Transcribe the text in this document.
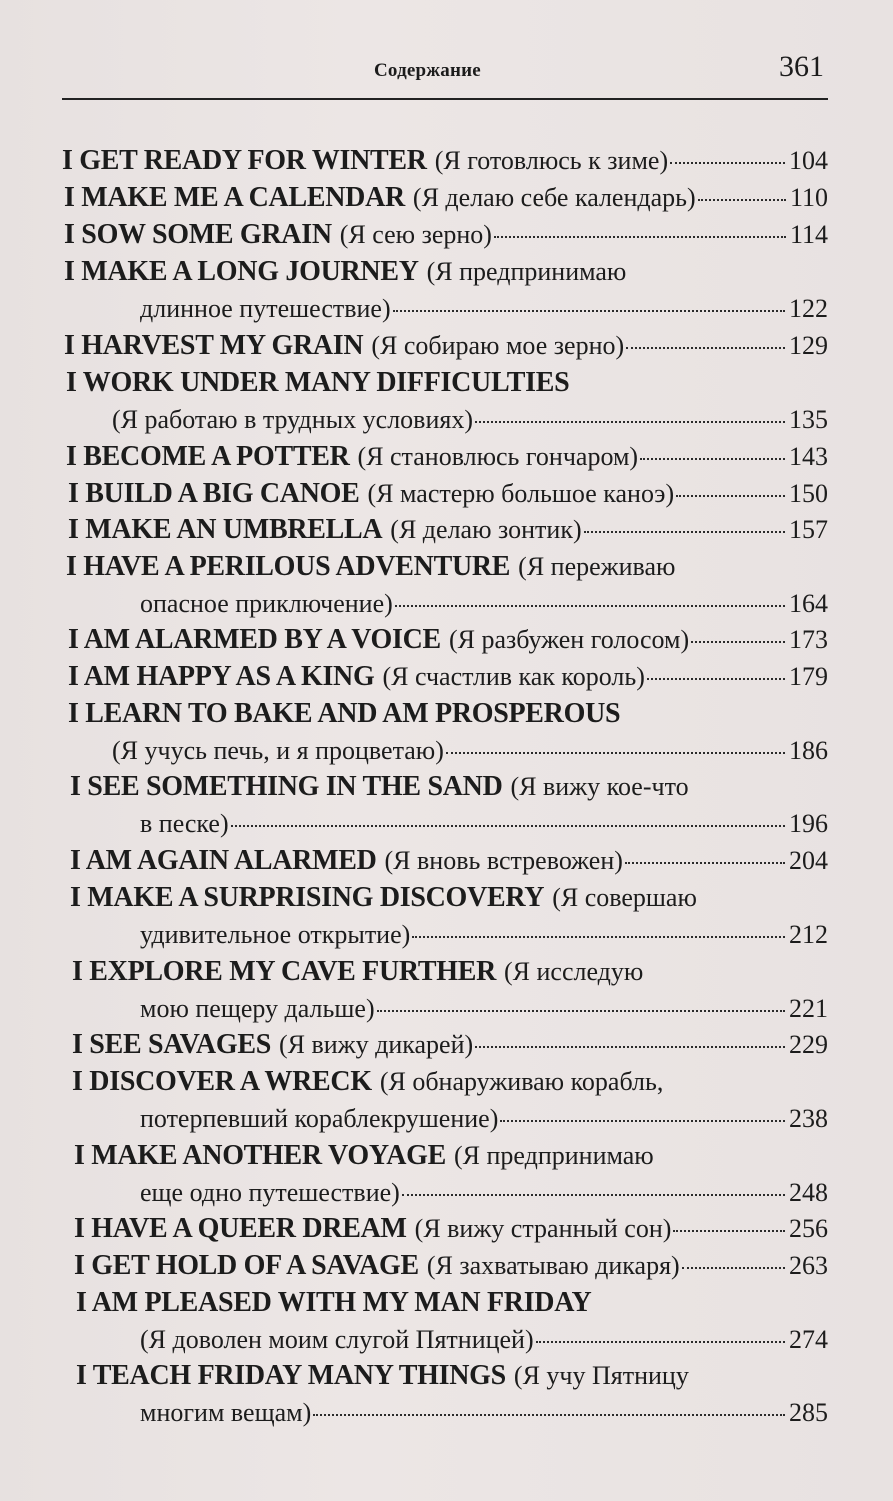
Содержание	361
I GET READY FOR WINTER (Я готовлюсь к зиме)	104
I MAKE ME A CALENDAR (Я делаю себе календарь)	110
I SOW SOME GRAIN (Я сею зерно)	114
I MAKE A LONG JOURNEY (Я предпринимаю
длинное путешествие)	122
I HARVEST MY GRAIN (Я собираю мое зерно)	129
I WORK UNDER MANY DIFFICULTIES
(Я работаю в трудных условиях)	135
I BECOME A POTTER (Я становлюсь гончаром)	143
I BUILD A BIG CANOE (Я мастерю большое каноэ)	150
I MAKE AN UMBRELLA (Я делаю зонтик)	157
I HAVE A PERILOUS ADVENTURE (Я переживаю
опасное приключение)	164
I AM ALARMED BY A VOICE (Я разбужен голосом)	173
I AM HAPPY AS A KING (Я счастлив как король)	179
I LEARN TO BAKE AND AM PROSPEROUS
(Я учусь печь, и я процветаю)	186
I SEE SOMETHING IN THE SAND (Я вижу кое-что
в песке)	196
I AM AGAIN ALARMED (Я вновь встревожен)	204
I MAKE A SURPRISING DISCOVERY (Я совершаю
удивительное открытие)	212
I EXPLORE MY CAVE FURTHER (Я исследую
мою пещеру дальше)	221
I SEE SAVAGES (Я вижу дикарей)	229
I DISCOVER A WRECK (Я обнаруживаю корабль,
потерпевший кораблекрушение)	238
I MAKE ANOTHER VOYAGE (Я предпринимаю
еще одно путешествие)	248
I HAVE A QUEER DREAM (Я вижу странный сон)	256
I GET HOLD OF A SAVAGE (Я захватываю дикаря)	263
I AM PLEASED WITH MY MAN FRIDAY
(Я доволен моим слугой Пятницей)	274
I TEACH FRIDAY MANY THINGS (Я учу Пятницу
многим вещам)	285
